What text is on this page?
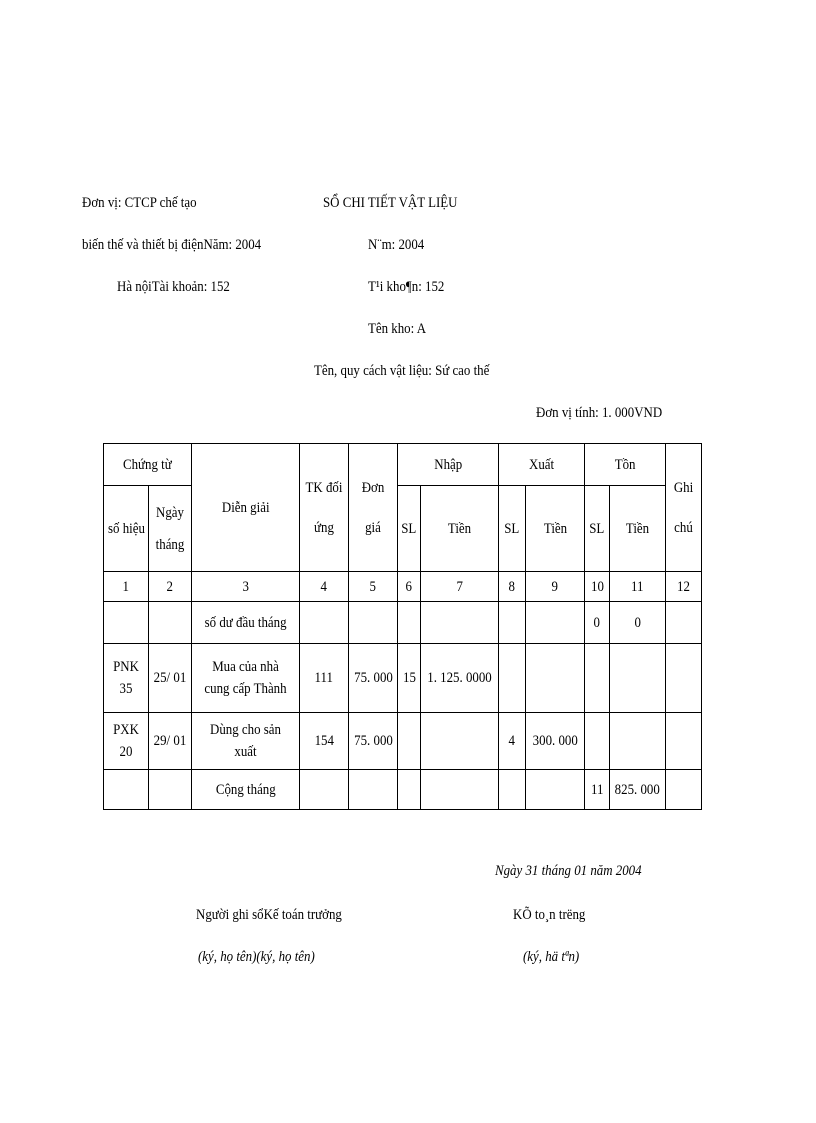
Đơn vị: CTCP chế tạo
biến thế và thiết bị điệnNăm: 2004
Hà nộiTài khoản: 152
SỔ CHI TIẾT VẬT LIỆU
N¨m: 2004
T¹i kho¶n: 152
Tên kho: A
Tên, quy cách vật liệu: Sứ cao thế
Đơn vị tính: 1. 000VND
Chứng từ		Diễn giải	TK đối ứng	Đơn giá	Nhập		Xuất		Tồn		Ghi chú
số hiệu	Ngày tháng				SL	Tiền	SL	Tiền	SL	Tiền	
1	2	3	4	5	6	7	8	9	10	11	12
		số dư đầu tháng							0	0	
PNK 35	25/ 01	Mua của nhà cung cấp Thành	111	75. 000	15	1. 125. 0000					
PXK 20	29/ 01	Dùng cho sản xuất	154	75. 000			4	300. 000			
		Cộng tháng							11	825. 000	
Ngày 31 tháng 01 năm 2004
Người ghi sổKế toán trưởng	KÕ to¸n trëng
(ký, họ tên)(ký, họ tên)	(ký, hä tªn)
